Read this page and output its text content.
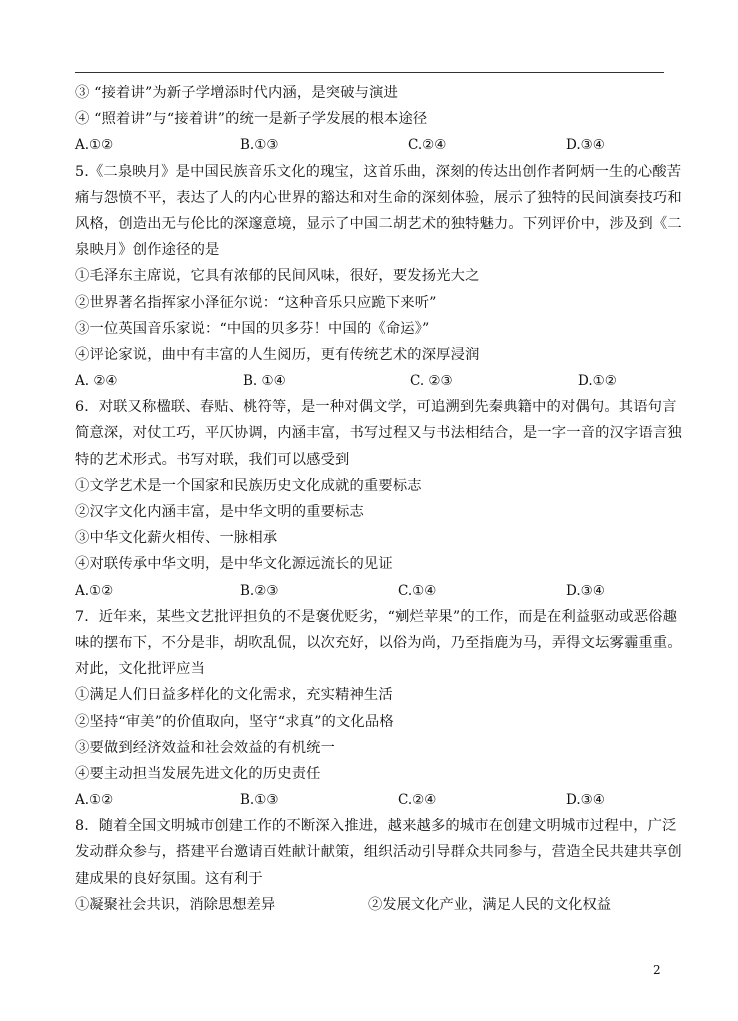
③ “接着讲”为新子学增添时代内涵，是突破与演进
④ “照着讲”与“接着讲”的统一是新子学发展的根本途径
A.①②	B.①③	C.②④	D.③④
5.《二泉映月》是中国民族音乐文化的瑰宝，这首乐曲，深刻的传达出创作者阿炳一生的心酸苦
痛与怨愤不平，表达了人的内心世界的豁达和对生命的深刻体验，展示了独特的民间演奏技巧和
风格，创造出无与伦比的深邃意境，显示了中国二胡艺术的独特魅力。下列评价中，涉及到《二
泉映月》创作途径的是
①毛泽东主席说，它具有浓郁的民间风味，很好，要发扬光大之
②世界著名指挥家小泽征尔说：“这种音乐只应跪下来听”
③一位英国音乐家说：“中国的贝多芬！中国的《命运》”
④评论家说，曲中有丰富的人生阅历，更有传统艺术的深厚浸润
A. ②④	B. ①④	C. ②③	D.①②
6．对联又称楹联、春贴、桃符等，是一种对偶文学，可追溯到先秦典籍中的对偶句。其语句言
简意深，对仗工巧，平仄协调，内涵丰富，书写过程又与书法相结合，是一字一音的汉字语言独
特的艺术形式。书写对联，我们可以感受到
①文学艺术是一个国家和民族历史文化成就的重要标志
②汉字文化内涵丰富，是中华文明的重要标志
③中华文化薪火相传、一脉相承
④对联传承中华文明，是中华文化源远流长的见证
A.①②	B.②③	C.①④	D.③④
7．近年来，某些文艺批评担负的不是褒优贬劣，“剜烂苹果”的工作，而是在利益驱动或恶俗趣
味的摆布下，不分是非，胡吹乱侃，以次充好，以俗为尚，乃至指鹿为马，弄得文坛雾霾重重。
对此，文化批评应当
①满足人们日益多样化的文化需求，充实精神生活
②坚持“审美”的价值取向，坚守“求真”的文化品格
③要做到经济效益和社会效益的有机统一
④要主动担当发展先进文化的历史责任
A.①②	B.①③	C.②④	D.③④
8．随着全国文明城市创建工作的不断深入推进，越来越多的城市在创建文明城市过程中，广泛
发动群众参与，搭建平台邀请百姓献计献策，组织活动引导群众共同参与，营造全民共建共享创
建成果的良好氛围。这有利于
①凝聚社会共识，消除思想差异	②发展文化产业，满足人民的文化权益
2
